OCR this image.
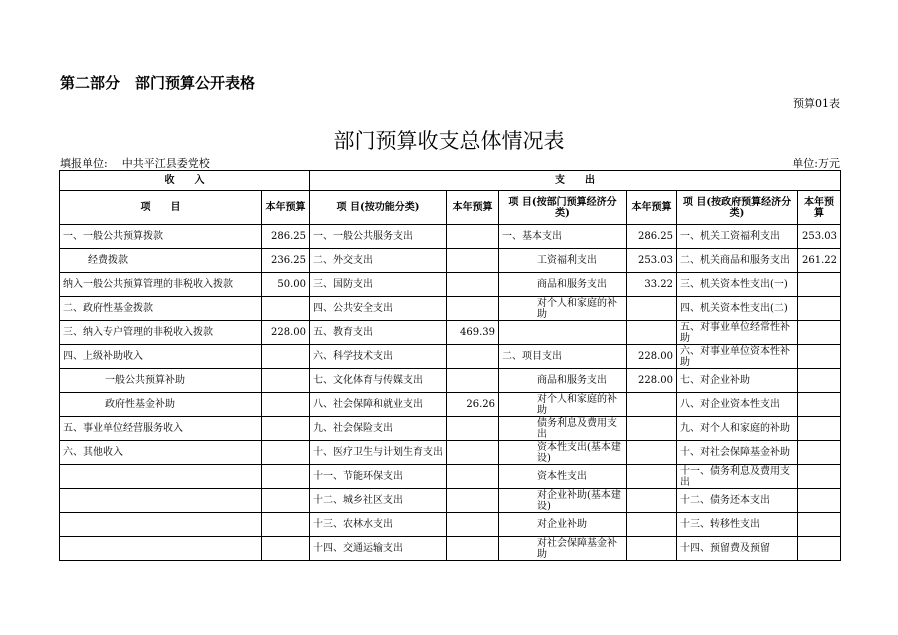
第二部分　部门预算公开表格
预算01表
部门预算收支总体情况表
填报单位: 中共平江县委党校	单位:万元
收　　入		支　　出					
项　　目	本年预算	项 目(按功能分类)	本年预算	项 目(按部门预算经济分类)	本年预算	项 目(按政府预算经济分类)	本年预算
一、一般公共预算拨款	286.25	一、一般公共服务支出		一、基本支出	286.25	一、机关工资福利支出	253.03
经费拨款	236.25	二、外交支出		工资福利支出	253.03	二、机关商品和服务支出	261.22
纳入一般公共预算管理的非税收入拨款	50.00	三、国防支出		商品和服务支出	33.22	三、机关资本性支出(一)	
二、政府性基金拨款		四、公共安全支出		对个人和家庭的补助		四、机关资本性支出(二)	
三、纳入专户管理的非税收入拨款	228.00	五、教育支出	469.39			五、对事业单位经常性补助	
四、上级补助收入		六、科学技术支出		二、项目支出	228.00	六、对事业单位资本性补助	
一般公共预算补助		七、文化体育与传媒支出		商品和服务支出	228.00	七、对企业补助	
政府性基金补助		八、社会保障和就业支出	26.26	对个人和家庭的补助		八、对企业资本性支出	
五、事业单位经营服务收入		九、社会保险支出		债务利息及费用支出		九、对个人和家庭的补助	
六、其他收入		十、医疗卫生与计划生育支出		资本性支出(基本建设)		十、对社会保障基金补助	
		十一、节能环保支出		资本性支出		十一、债务利息及费用支出	
		十二、城乡社区支出		对企业补助(基本建设)		十二、债务还本支出	
		十三、农林水支出		对企业补助		十三、转移性支出	
		十四、交通运输支出		对社会保障基金补助		十四、预留费及预留	
